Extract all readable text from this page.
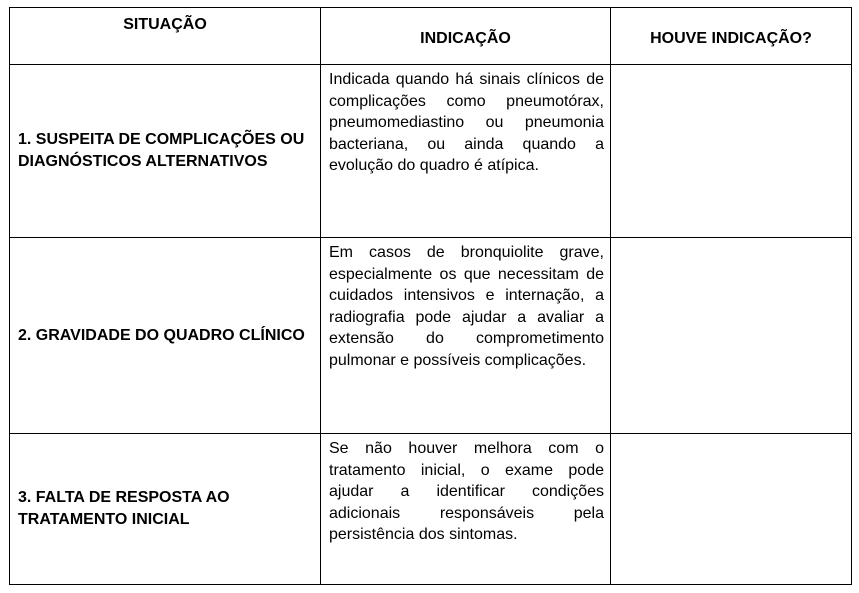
SITUAÇÃO	INDICAÇÃO	HOUVE INDICAÇÃO?

1. SUSPEITA DE COMPLICAÇÕES OU DIAGNÓSTICOS ALTERNATIVOS	Indicada quando há sinais clínicos de complicações como pneumotórax, pneumomediastino ou pneumonia bacteriana, ou ainda quando a evolução do quadro é atípica.	

2. GRAVIDADE DO QUADRO CLÍNICO	Em casos de bronquiolite grave, especialmente os que necessitam de cuidados intensivos e internação, a radiografia pode ajudar a avaliar a extensão do comprometimento pulmonar e possíveis complicações.	

3. FALTA DE RESPOSTA AO TRATAMENTO INICIAL	Se não houver melhora com o tratamento inicial, o exame pode ajudar a identificar condições adicionais responsáveis pela persistência dos sintomas.	
